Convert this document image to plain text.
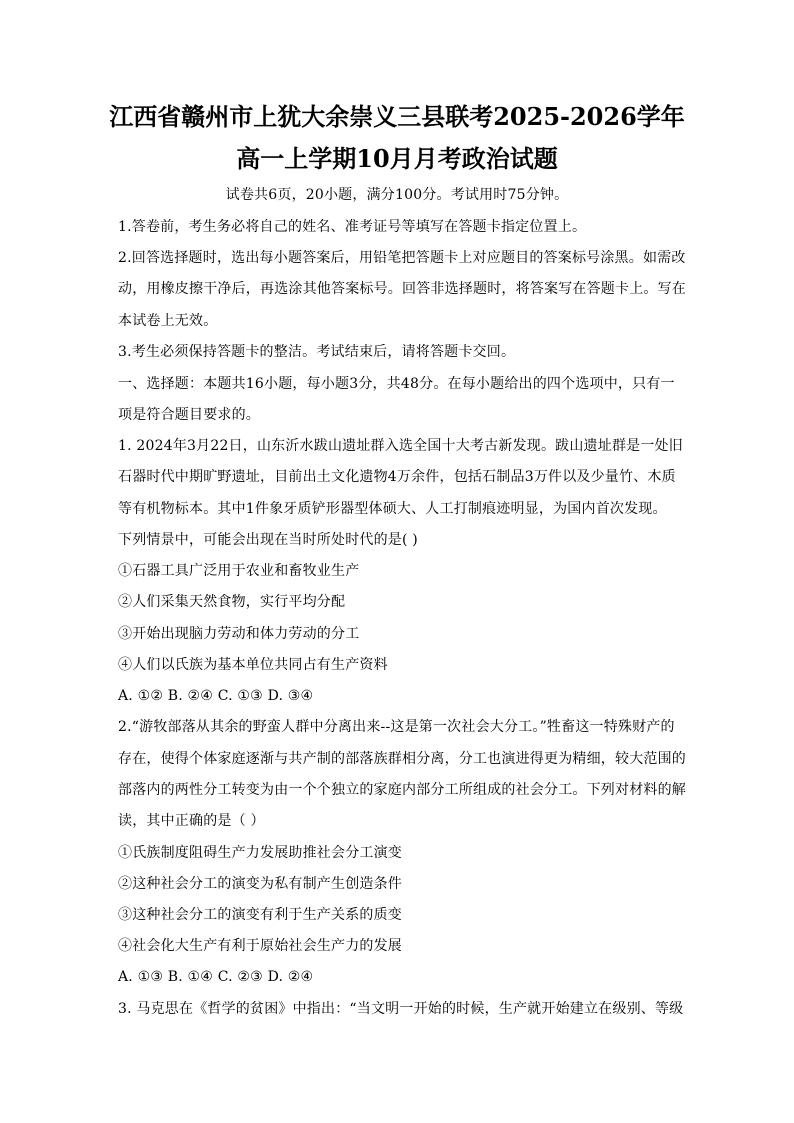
江西省赣州市上犹大余崇义三县联考2025-2026学年
高一上学期10月月考政治试题
试卷共6页，20小题，满分100分。考试用时75分钟。
1.答卷前，考生务必将自己的姓名、准考证号等填写在答题卡指定位置上。
2.回答选择题时，选出每小题答案后，用铅笔把答题卡上对应题目的答案标号涂黑。如需改
动，用橡皮擦干净后，再选涂其他答案标号。回答非选择题时，将答案写在答题卡上。写在
本试卷上无效。
3.考生必须保持答题卡的整洁。考试结束后，请将答题卡交回。
一、选择题：本题共16小题，每小题3分，共48分。在每小题给出的四个选项中，只有一
项是符合题目要求的。
1. 2024年3月22日，山东沂水跋山遗址群入选全国十大考古新发现。跋山遗址群是一处旧
石器时代中期旷野遗址，目前出土文化遗物4万余件，包括石制品3万件以及少量竹、木质
等有机物标本。其中1件象牙质铲形器型体硕大、人工打制痕迹明显，为国内首次发现。
下列情景中，可能会出现在当时所处时代的是( )
①石器工具广泛用于农业和畜牧业生产
②人们采集天然食物，实行平均分配
③开始出现脑力劳动和体力劳动的分工
④人们以氏族为基本单位共同占有生产资料
A. ①② B. ②④ C. ①③ D. ③④
2.“游牧部落从其余的野蛮人群中分离出来--这是第一次社会大分工。”牲畜这一特殊财产的
存在，使得个体家庭逐渐与共产制的部落族群相分离，分工也演进得更为精细，较大范围的
部落内的两性分工转变为由一个个独立的家庭内部分工所组成的社会分工。下列对材料的解
读，其中正确的是（ ）
①氏族制度阻碍生产力发展助推社会分工演变
②这种社会分工的演变为私有制产生创造条件
③这种社会分工的演变有利于生产关系的质变
④社会化大生产有利于原始社会生产力的发展
A. ①③ B. ①④ C. ②③ D. ②④
3. 马克思在《哲学的贫困》中指出：“当文明一开始的时候，生产就开始建立在级别、等级
